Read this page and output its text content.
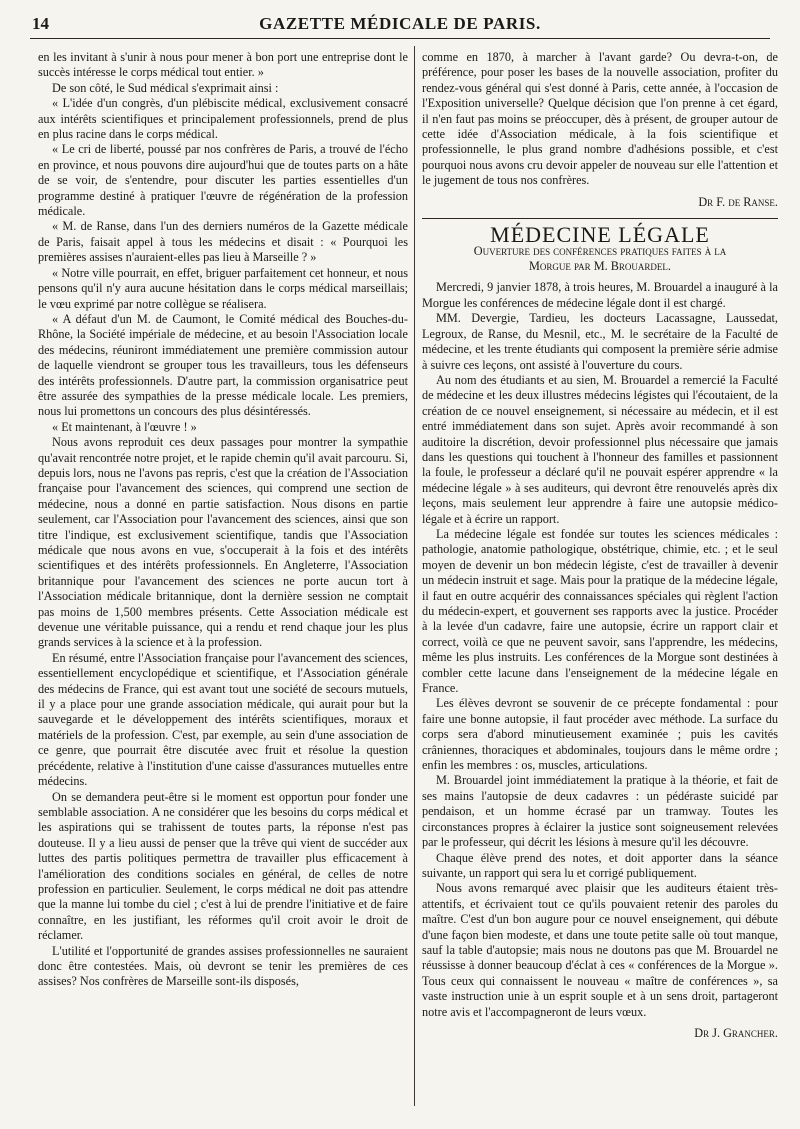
14	GAZETTE MÉDICALE DE PARIS.

en les invitant à s'unir à nous pour mener à bon port une entreprise dont le succès intéresse le corps médical tout entier. »

De son côté, le Sud médical s'exprimait ainsi :

« L'idée d'un congrès, d'un plébiscite médical, exclusivement consacré aux intérêts scientifiques et principalement professionnels, prend de plus en plus racine dans le corps médical.

« Le cri de liberté, poussé par nos confrères de Paris, a trouvé de l'écho en province, et nous pouvons dire aujourd'hui que de toutes parts on a hâte de se voir, de s'entendre, pour discuter les parties essentielles d'un programme destiné à pratiquer l'œuvre de régénération de la profession médicale.

« M. de Ranse, dans l'un des derniers numéros de la Gazette médicale de Paris, faisait appel à tous les médecins et disait : « Pourquoi les premières assises n'auraient-elles pas lieu à Marseille ? »

« Notre ville pourrait, en effet, briguer parfaitement cet honneur, et nous pensons qu'il n'y aura aucune hésitation dans le corps médical marseillais; le vœu exprimé par notre collègue se réalisera.

« A défaut d'un M. de Caumont, le Comité médical des Bouches-du-Rhône, la Société impériale de médecine, et au besoin l'Association locale des médecins, réuniront immédiatement une première commission autour de laquelle viendront se grouper tous les travailleurs, tous les défenseurs des intérêts professionnels. D'autre part, la commission organisatrice peut être assurée des sympathies de la presse médicale locale. Les premiers, nous lui promettons un concours des plus désintéressés.

« Et maintenant, à l'œuvre ! »

Nous avons reproduit ces deux passages pour montrer la sympathie qu'avait rencontrée notre projet, et le rapide chemin qu'il avait parcouru. Si, depuis lors, nous ne l'avons pas repris, c'est que la création de l'Association française pour l'avancement des sciences, qui comprend une section de médecine, nous a donné en partie satisfaction. Nous disons en partie seulement, car l'Association pour l'avancement des sciences, ainsi que son titre l'indique, est exclusivement scientifique, tandis que l'Association médicale que nous avons en vue, s'occuperait à la fois et des intérêts scientifiques et des intérêts professionnels. En Angleterre, l'Association britannique pour l'avancement des sciences ne porte aucun tort à l'Association médicale britannique, dont la dernière session ne comptait pas moins de 1,500 membres présents. Cette Association médicale est devenue une véritable puissance, qui a rendu et rend chaque jour les plus grands services à la science et à la profession.

En résumé, entre l'Association française pour l'avancement des sciences, essentiellement encyclopédique et scientifique, et l'Association générale des médecins de France, qui est avant tout une société de secours mutuels, il y a place pour une grande association médicale, qui aurait pour but la sauvegarde et le développement des intérêts scientifiques, moraux et matériels de la profession. C'est, par exemple, au sein d'une association de ce genre, que pourrait être discutée avec fruit et résolue la question précédente, relative à l'institution d'une caisse d'assurances mutuelles entre médecins.

On se demandera peut-être si le moment est opportun pour fonder une semblable association. A ne considérer que les besoins du corps médical et les aspirations qui se trahissent de toutes parts, la réponse n'est pas douteuse. Il y a lieu aussi de penser que la trêve qui vient de succéder aux luttes des partis politiques permettra de travailler plus efficacement à l'amélioration des conditions sociales en général, de celles de notre profession en particulier. Seulement, le corps médical ne doit pas attendre que la manne lui tombe du ciel ; c'est à lui de prendre l'initiative et de faire connaître, en les justifiant, les réformes qu'il croit avoir le droit de réclamer.

L'utilité et l'opportunité de grandes assises professionnelles ne sauraient donc être contestées. Mais, où devront se tenir les premières de ces assises? Nos confrères de Marseille sont-ils disposés,

comme en 1870, à marcher à l'avant garde? Ou devra-t-on, de préférence, pour poser les bases de la nouvelle association, profiter du rendez-vous général qui s'est donné à Paris, cette année, à l'occasion de l'Exposition universelle? Quelque décision que l'on prenne à cet égard, il n'en faut pas moins se préoccuper, dès à présent, de grouper autour de cette idée d'Association médicale, à la fois scientifique et professionnelle, le plus grand nombre d'adhésions possible, et c'est pourquoi nous avons cru devoir appeler de nouveau sur elle l'attention et le jugement de tous nos confrères.

Dr F. de Ranse.

MÉDECINE LÉGALE
Ouverture des conférences pratiques faites à la
Morgue par M. Brouardel.

Mercredi, 9 janvier 1878, à trois heures, M. Brouardel a inauguré à la Morgue les conférences de médecine légale dont il est chargé.

MM. Devergie, Tardieu, les docteurs Lacassagne, Laussedat, Legroux, de Ranse, du Mesnil, etc., M. le secrétaire de la Faculté de médecine, et les trente étudiants qui composent la première série admise à suivre ces leçons, ont assisté à l'ouverture du cours.

Au nom des étudiants et au sien, M. Brouardel a remercié la Faculté de médecine et les deux illustres médecins légistes qui l'écoutaient, de la création de ce nouvel enseignement, si nécessaire au médecin, et il est entré immédiatement dans son sujet. Après avoir recommandé à son auditoire la discrétion, devoir professionnel plus nécessaire que jamais dans les questions qui touchent à l'honneur des familles et passionnent la foule, le professeur a déclaré qu'il ne pouvait espérer apprendre « la médecine légale » à ses auditeurs, qui devront être renouvelés après dix leçons, mais seulement leur apprendre à faire une autopsie médico-légale et à écrire un rapport.

La médecine légale est fondée sur toutes les sciences médicales : pathologie, anatomie pathologique, obstétrique, chimie, etc. ; et le seul moyen de devenir un bon médecin légiste, c'est de travailler à devenir un médecin instruit et sage. Mais pour la pratique de la médecine légale, il faut en outre acquérir des connaissances spéciales qui règlent l'action du médecin-expert, et gouvernent ses rapports avec la justice. Procéder à la levée d'un cadavre, faire une autopsie, écrire un rapport clair et correct, voilà ce que ne peuvent savoir, sans l'apprendre, les médecins, même les plus instruits. Les conférences de la Morgue sont destinées à combler cette lacune dans l'enseignement de la médecine légale en France.

Les élèves devront se souvenir de ce précepte fondamental : pour faire une bonne autopsie, il faut procéder avec méthode. La surface du corps sera d'abord minutieusement examinée ; puis les cavités crâniennes, thoraciques et abdominales, toujours dans le même ordre ; enfin les membres : os, muscles, articulations.

M. Brouardel joint immédiatement la pratique à la théorie, et fait de ses mains l'autopsie de deux cadavres : un pédéraste suicidé par pendaison, et un homme écrasé par un tramway. Toutes les circonstances propres à éclairer la justice sont soigneusement relevées par le professeur, qui décrit les lésions à mesure qu'il les découvre.

Chaque élève prend des notes, et doit apporter dans la séance suivante, un rapport qui sera lu et corrigé publiquement.

Nous avons remarqué avec plaisir que les auditeurs étaient très-attentifs, et écrivaient tout ce qu'ils pouvaient retenir des paroles du maître. C'est d'un bon augure pour ce nouvel enseignement, qui débute d'une façon bien modeste, et dans une toute petite salle où tout manque, sauf la table d'autopsie; mais nous ne doutons pas que M. Brouardel ne réussisse à donner beaucoup d'éclat à ces « conférences de la Morgue ». Tous ceux qui connaissent le nouveau « maître de conférences », sa vaste instruction unie à un esprit souple et à un sens droit, partageront notre avis et l'accompagneront de leurs vœux.

Dr J. Grancher.
